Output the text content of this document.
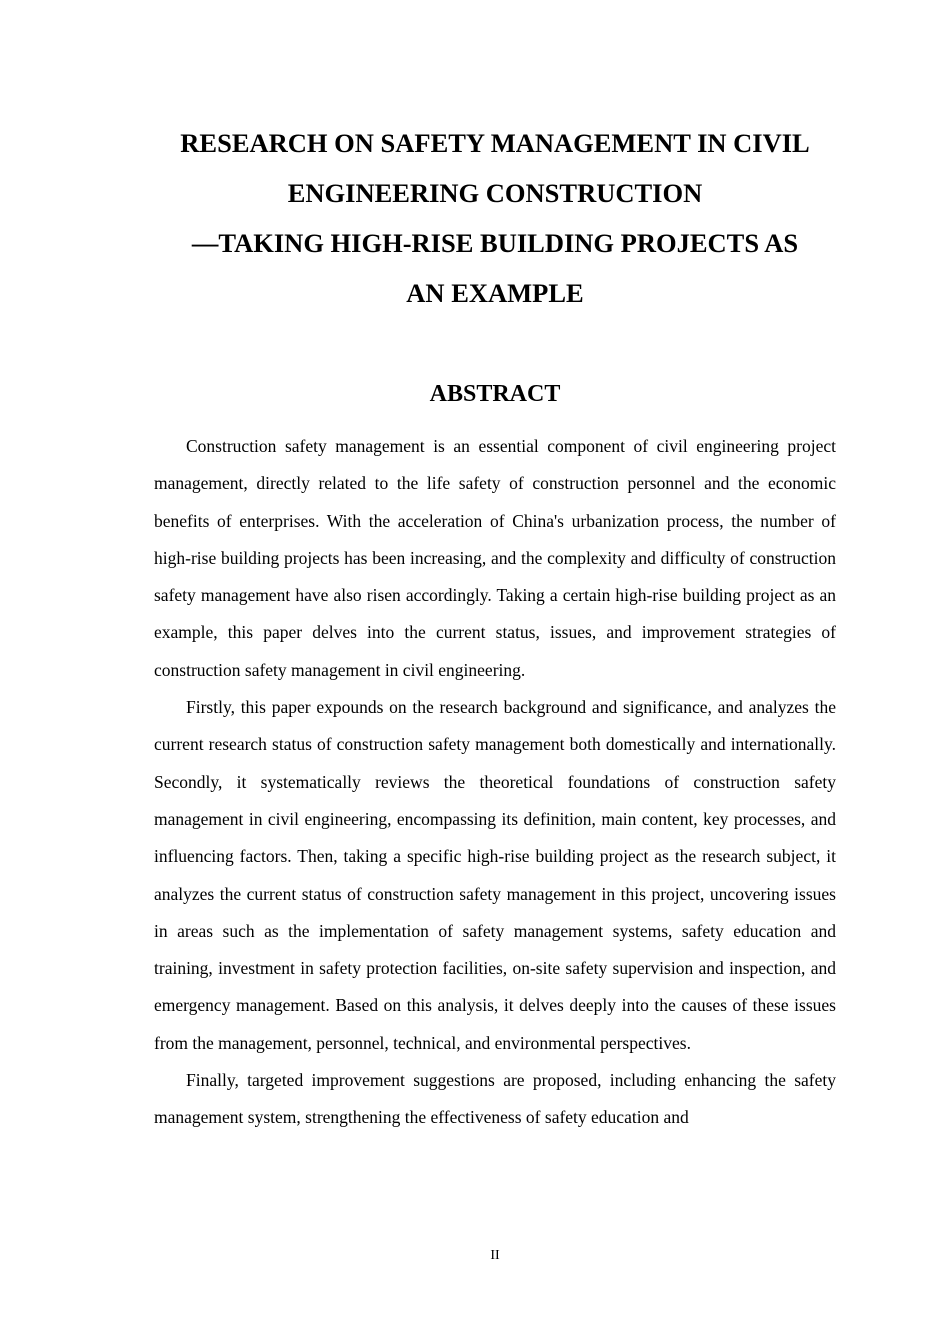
RESEARCH ON SAFETY MANAGEMENT IN CIVIL
ENGINEERING CONSTRUCTION
—TAKING HIGH-RISE BUILDING PROJECTS AS
AN EXAMPLE
ABSTRACT

Construction safety management is an essential component of civil engineering project management, directly related to the life safety of construction personnel and the economic benefits of enterprises. With the acceleration of China's urbanization process, the number of high-rise building projects has been increasing, and the complexity and difficulty of construction safety management have also risen accordingly. Taking a certain high-rise building project as an example, this paper delves into the current status, issues, and improvement strategies of construction safety management in civil engineering.

Firstly, this paper expounds on the research background and significance, and analyzes the current research status of construction safety management both domestically and internationally. Secondly, it systematically reviews the theoretical foundations of construction safety management in civil engineering, encompassing its definition, main content, key processes, and influencing factors. Then, taking a specific high-rise building project as the research subject, it analyzes the current status of construction safety management in this project, uncovering issues in areas such as the implementation of safety management systems, safety education and training, investment in safety protection facilities, on-site safety supervision and inspection, and emergency management. Based on this analysis, it delves deeply into the causes of these issues from the management, personnel, technical, and environmental perspectives.

Finally, targeted improvement suggestions are proposed, including enhancing the safety management system, strengthening the effectiveness of safety education and

II
